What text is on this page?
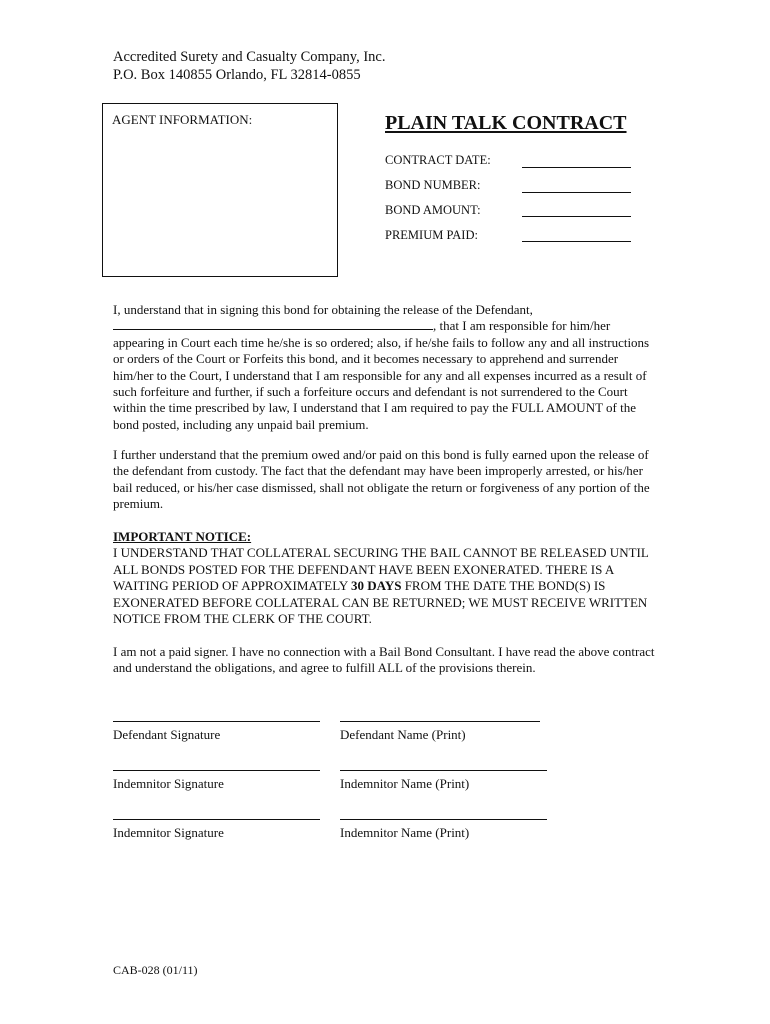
Accredited Surety and Casualty Company, Inc.
P.O. Box 140855 Orlando, FL 32814-0855
AGENT INFORMATION:	PLAIN TALK CONTRACT
CONTRACT DATE:
BOND NUMBER:
BOND AMOUNT:
PREMIUM PAID:
I, understand that in signing this bond for obtaining the release of the Defendant,
, that I am responsible for him/her
appearing in Court each time he/she is so ordered; also, if he/she fails to follow any and all instructions or orders of the Court or Forfeits this bond, and it becomes necessary to apprehend and surrender him/her to the Court, I understand that I am responsible for any and all expenses incurred as a result of such forfeiture and further, if such a forfeiture occurs and defendant is not surrendered to the Court within the time prescribed by law, I understand that I am required to pay the FULL AMOUNT of the bond posted, including any unpaid bail premium.
I further understand that the premium owed and/or paid on this bond is fully earned upon the release of the defendant from custody. The fact that the defendant may have been improperly arrested, or his/her bail reduced, or his/her case dismissed, shall not obligate the return or forgiveness of any portion of the premium.
IMPORTANT NOTICE:
I UNDERSTAND THAT COLLATERAL SECURING THE BAIL CANNOT BE RELEASED UNTIL ALL BONDS POSTED FOR THE DEFENDANT HAVE BEEN EXONERATED. THERE IS A WAITING PERIOD OF APPROXIMATELY 30 DAYS FROM THE DATE THE BOND(S) IS EXONERATED BEFORE COLLATERAL CAN BE RETURNED; WE MUST RECEIVE WRITTEN NOTICE FROM THE CLERK OF THE COURT.
I am not a paid signer. I have no connection with a Bail Bond Consultant. I have read the above contract and understand the obligations, and agree to fulfill ALL of the provisions therein.
Defendant Signature	Defendant Name (Print)
Indemnitor Signature	Indemnitor Name (Print)
Indemnitor Signature	Indemnitor Name (Print)
CAB-028 (01/11)
